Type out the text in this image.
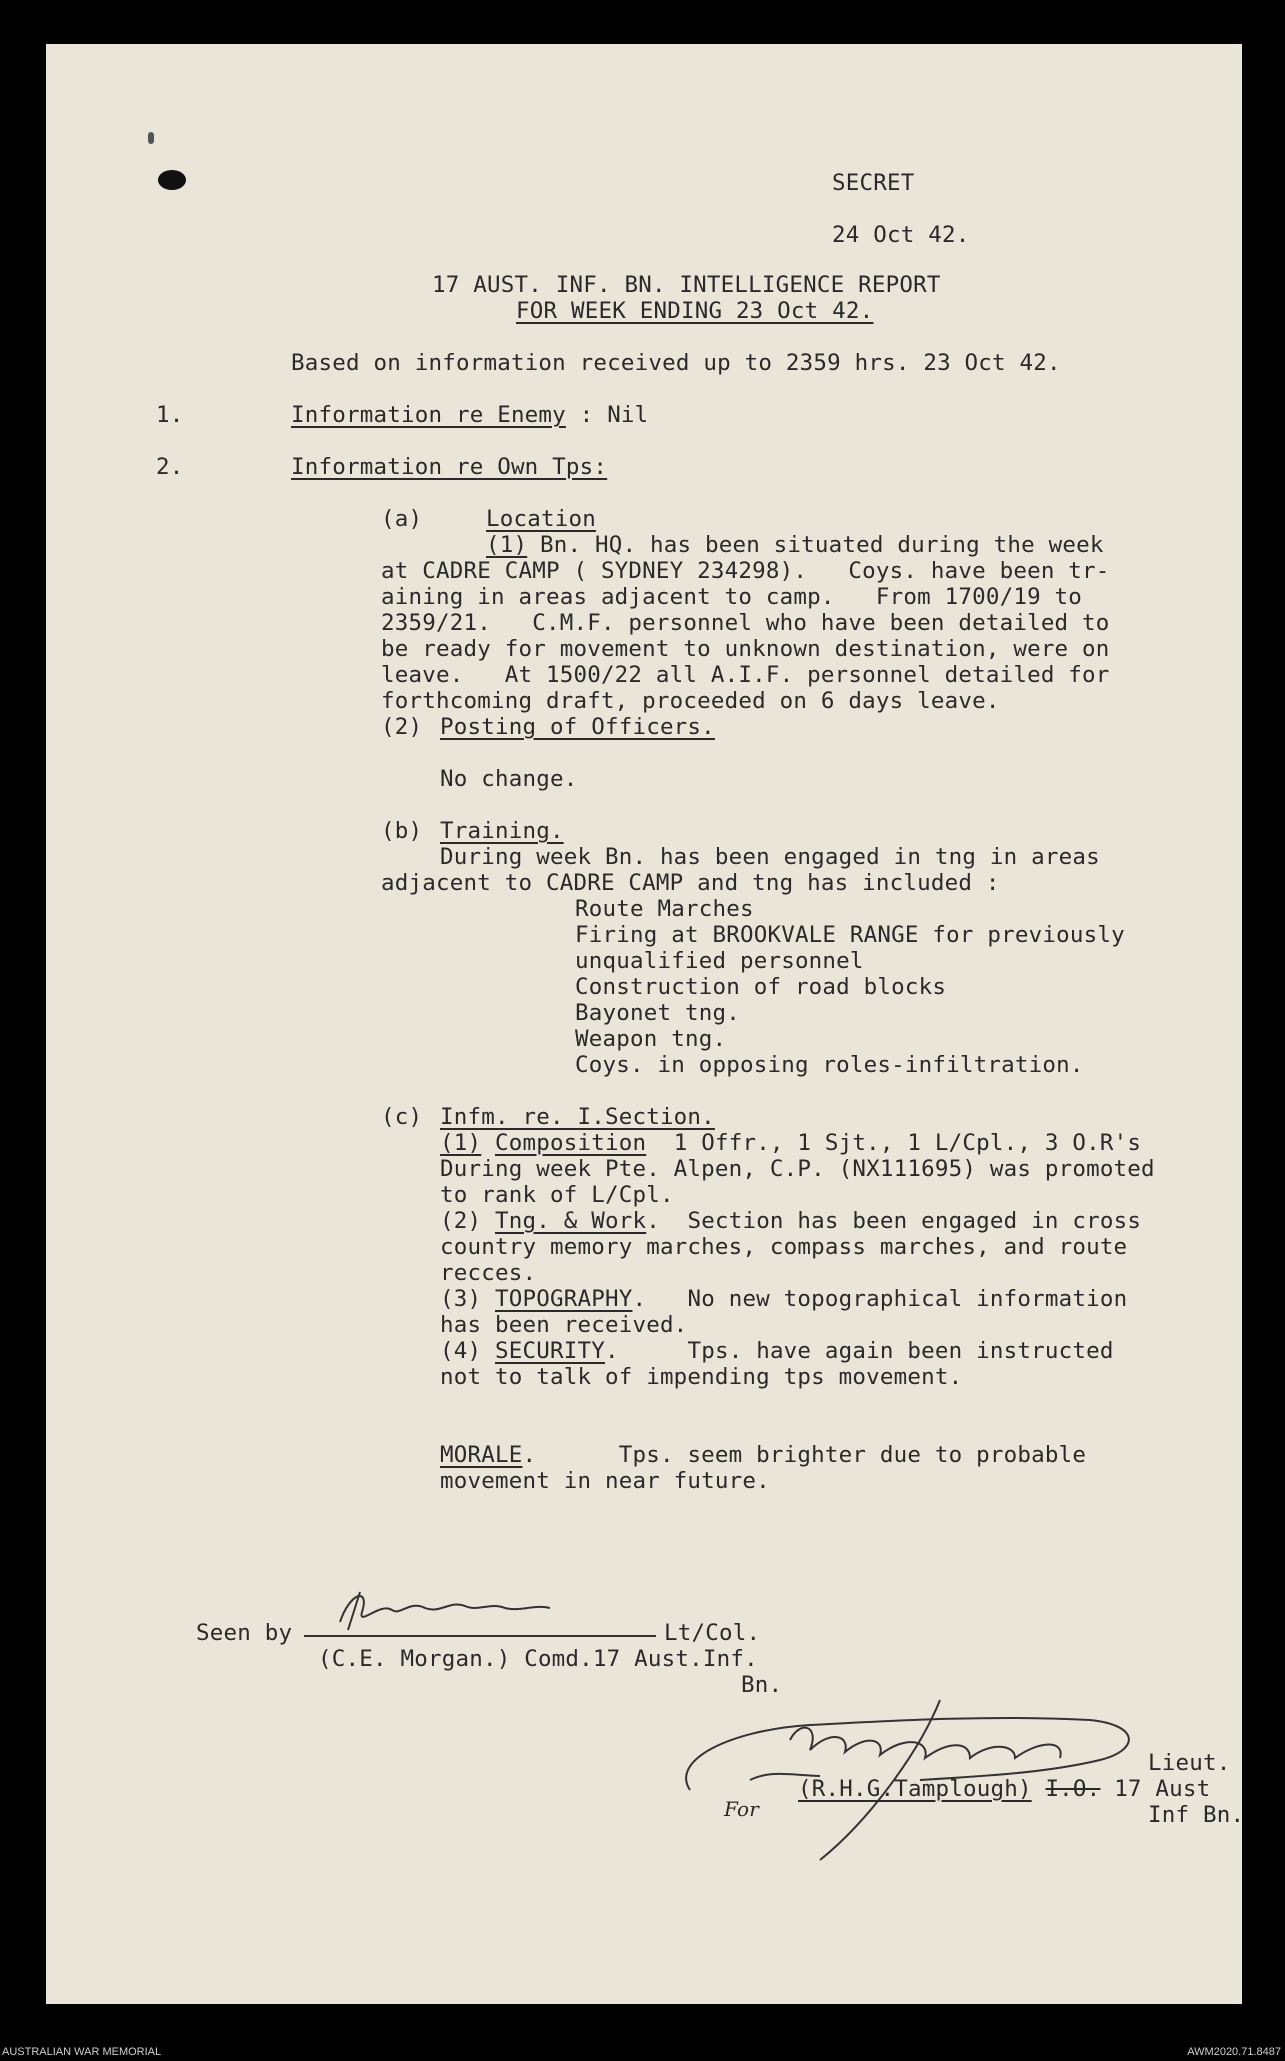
SECRET
24 Oct 42.
17 AUST. INF. BN. INTELLIGENCE REPORT
FOR WEEK ENDING 23 Oct 42.
Based on information received up to 2359 hrs. 23 Oct 42.
1.	Information re Enemy : Nil
2.	Information re Own Tps:
(a)	Location
(1) Bn. HQ. has been situated during the week
at CADRE CAMP ( SYDNEY 234298).   Coys. have been tr-
aining in areas adjacent to camp.   From 1700/19 to
2359/21.   C.M.F. personnel who have been detailed to
be ready for movement to unknown destination, were on
leave.   At 1500/22 all A.I.F. personnel detailed for
forthcoming draft, proceeded on 6 days leave.
(2) Posting of Officers.
No change.
(b) Training.
During week Bn. has been engaged in tng in areas
adjacent to CADRE CAMP and tng has included :
Route Marches
Firing at BROOKVALE RANGE for previously
unqualified personnel
Construction of road blocks
Bayonet tng.
Weapon tng.
Coys. in opposing roles-infiltration.
(c) Infm. re. I.Section.
(1) Composition  1 Offr., 1 Sjt., 1 L/Cpl., 3 O.R's
During week Pte. Alpen, C.P. (NX111695) was promoted
to rank of L/Cpl.
(2) Tng. & Work.  Section has been engaged in cross
country memory marches, compass marches, and route
recces.
(3) TOPOGRAPHY.   No new topographical information
has been received.
(4) SECURITY.     Tps. have again been instructed
not to talk of impending tps movement.
MORALE.      Tps. seem brighter due to probable
movement in near future.
Seen by	Lt/Col.
(C.E. Morgan.) Comd.17 Aust.Inf.
Bn.
Lieut.
(R.H.G.Tamplough) I.O. 17 Aust
Inf Bn.
For
AUSTRALIAN WAR MEMORIAL	AWM2020.71.8487
